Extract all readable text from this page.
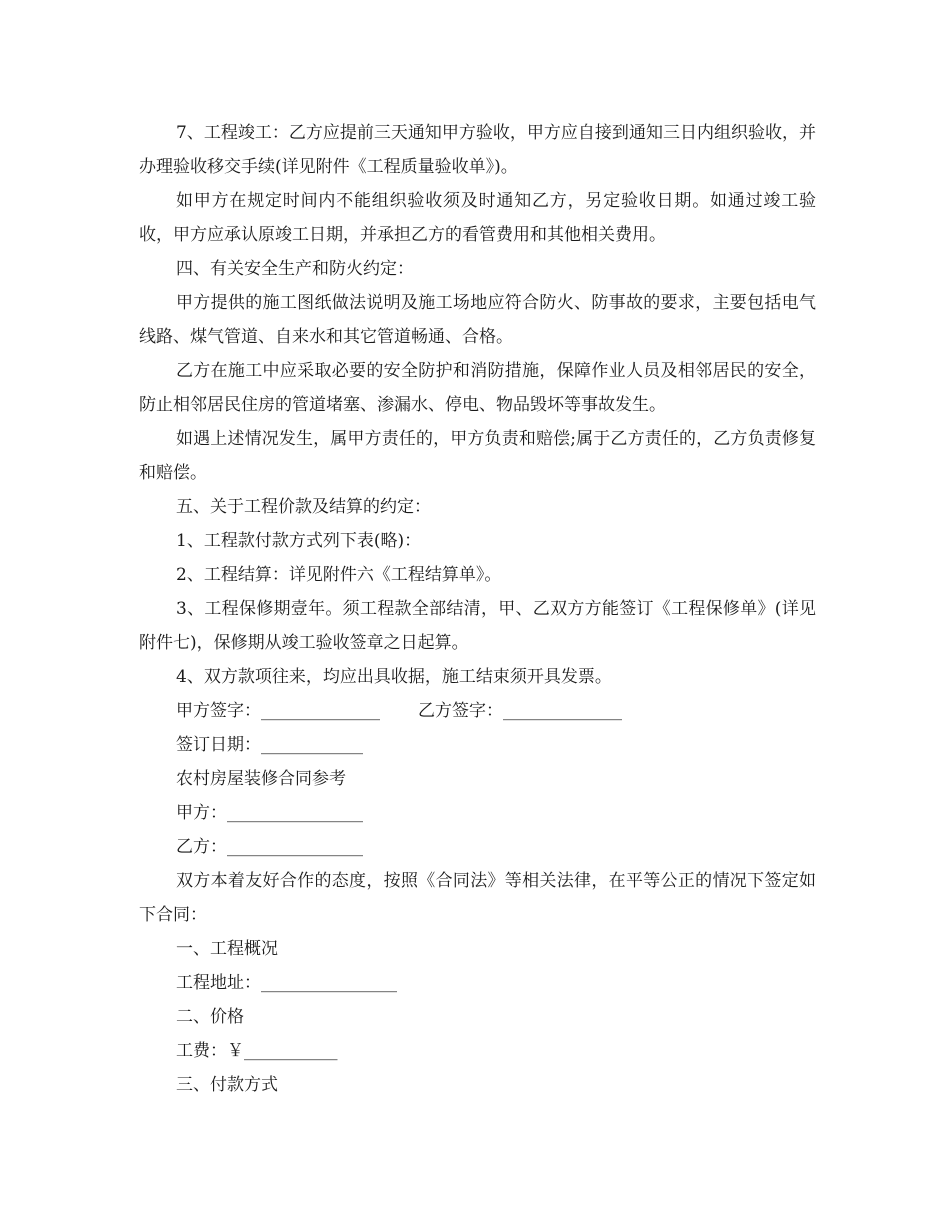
7、工程竣工：乙方应提前三天通知甲方验收，甲方应自接到通知三日内组织验收，并办理验收移交手续(详见附件《工程质量验收单》)。

如甲方在规定时间内不能组织验收须及时通知乙方，另定验收日期。如通过竣工验收，甲方应承认原竣工日期，并承担乙方的看管费用和其他相关费用。

四、有关安全生产和防火约定：

甲方提供的施工图纸做法说明及施工场地应符合防火、防事故的要求，主要包括电气线路、煤气管道、自来水和其它管道畅通、合格。

乙方在施工中应采取必要的安全防护和消防措施，保障作业人员及相邻居民的安全，防止相邻居民住房的管道堵塞、渗漏水、停电、物品毁坏等事故发生。

如遇上述情况发生，属甲方责任的，甲方负责和赔偿;属于乙方责任的，乙方负责修复和赔偿。

五、关于工程价款及结算的约定：

1、工程款付款方式列下表(略)：

2、工程结算：详见附件六《工程结算单》。

3、工程保修期壹年。须工程款全部结清，甲、乙双方方能签订《工程保修单》(详见附件七)，保修期从竣工验收签章之日起算。

4、双方款项往来，均应出具收据，施工结束须开具发票。

甲方签字：______________ 乙方签字：______________

签订日期：____________

农村房屋装修合同参考

甲方：________________

乙方：________________

双方本着友好合作的态度，按照《合同法》等相关法律，在平等公正的情况下签定如下合同：

一、工程概况

工程地址：________________

二、价格

工费：￥___________

三、付款方式
